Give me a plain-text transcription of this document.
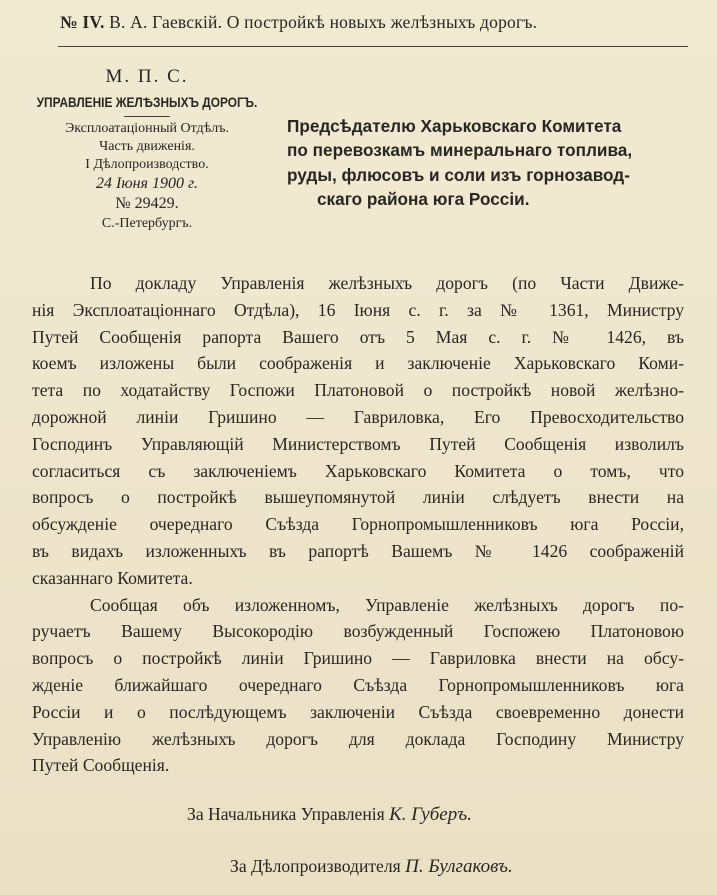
№ IV. В. А. Гаевскій. О постройкѣ новыхъ желѣзныхъ дорогъ.
М. П. С.
УПРАВЛЕНІЕ ЖЕЛѢЗНЫХЪ ДОРОГЪ.
Эксплоатаціонный Отдѣлъ.
Часть движенія.
I Дѣлопроизводство.
24 Іюня 1900 г.
№ 29429.
С.-Петербургъ.
Предсѣдателю Харьковскаго Комитета
по перевозкамъ минеральнаго топлива,
руды, флюсовъ и соли изъ горнозавод-
скаго района юга Россіи.
По докладу Управленія желѣзныхъ дорогъ (по Части Движе-
нія Эксплоатаціоннаго Отдѣла), 16 Іюня с. г. за № 1361, Министру
Путей Сообщенія рапорта Вашего отъ 5 Мая с. г. № 1426, въ
коемъ изложены были соображенія и заключеніе Харьковскаго Коми-
тета по ходатайству Госпожи Платоновой о постройкѣ новой желѣзно-
дорожной линіи Гришино — Гавриловка, Его Превосходительство
Господинъ Управляющій Министерствомъ Путей Сообщенія изволилъ
согласиться съ заключеніемъ Харьковскаго Комитета о томъ, что
вопросъ о постройкѣ вышеупомянутой линіи слѣдуетъ внести на
обсужденіе очереднаго Съѣзда Горнопромышленниковъ юга Россіи,
въ видахъ изложенныхъ въ рапортѣ Вашемъ № 1426 соображеній
сказаннаго Комитета.
Сообщая объ изложенномъ, Управленіе желѣзныхъ дорогъ по-
ручаетъ Вашему Высокородію возбужденный Госпожею Платоновою
вопросъ о постройкѣ линіи Гришино — Гавриловка внести на обсу-
жденіе ближайшаго очереднаго Съѣзда Горнопромышленниковъ юга
Россіи и о послѣдующемъ заключеніи Съѣзда своевременно донести
Управленію желѣзныхъ дорогъ для доклада Господину Министру
Путей Сообщенія.
За Начальника Управленія К. Губеръ.
За Дѣлопроизводителя П. Булгаковъ.
